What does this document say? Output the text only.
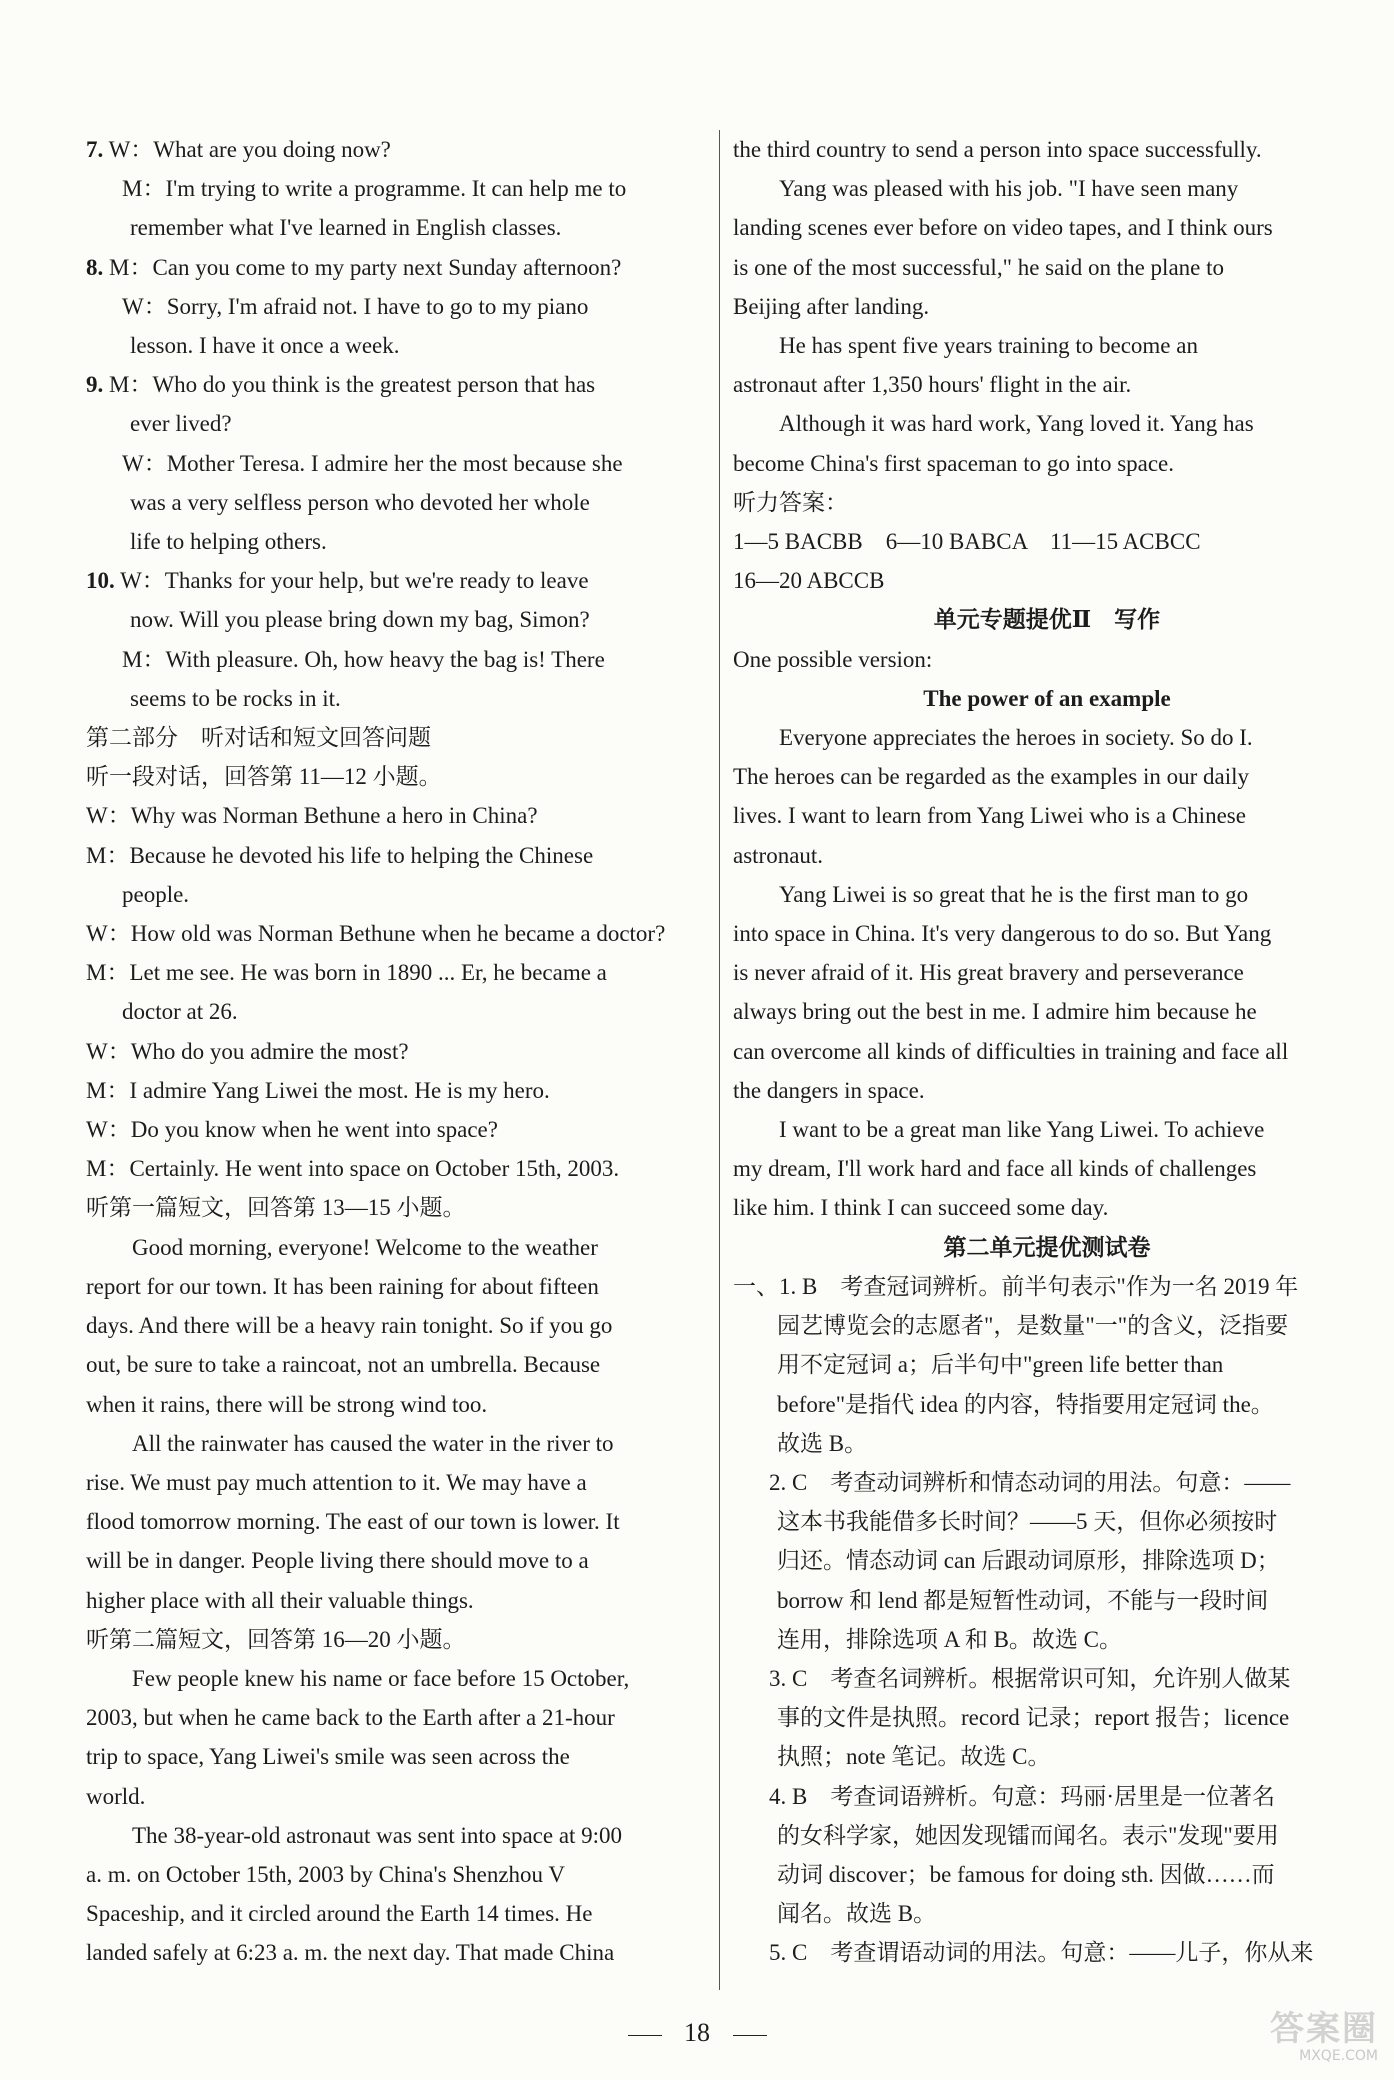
7. W：What are you doing now?
M：I'm trying to write a programme. It can help me to
remember what I've learned in English classes.
8. M：Can you come to my party next Sunday afternoon?
W：Sorry, I'm afraid not. I have to go to my piano
lesson. I have it once a week.
9. M：Who do you think is the greatest person that has
ever lived?
W：Mother Teresa. I admire her the most because she
was a very selfless person who devoted her whole
life to helping others.
10. W：Thanks for your help, but we're ready to leave
now. Will you please bring down my bag, Simon?
M：With pleasure. Oh, how heavy the bag is! There
seems to be rocks in it.
第二部分　听对话和短文回答问题
听一段对话，回答第 11—12 小题。
W：Why was Norman Bethune a hero in China?
M：Because he devoted his life to helping the Chinese
people.
W：How old was Norman Bethune when he became a doctor?
M：Let me see. He was born in 1890 ... Er, he became a
doctor at 26.
W：Who do you admire the most?
M：I admire Yang Liwei the most. He is my hero.
W：Do you know when he went into space?
M：Certainly. He went into space on October 15th, 2003.
听第一篇短文，回答第 13—15 小题。
Good morning, everyone! Welcome to the weather
report for our town. It has been raining for about fifteen
days. And there will be a heavy rain tonight. So if you go
out, be sure to take a raincoat, not an umbrella. Because
when it rains, there will be strong wind too.
All the rainwater has caused the water in the river to
rise. We must pay much attention to it. We may have a
flood tomorrow morning. The east of our town is lower. It
will be in danger. People living there should move to a
higher place with all their valuable things.
听第二篇短文，回答第 16—20 小题。
Few people knew his name or face before 15 October,
2003, but when he came back to the Earth after a 21-hour
trip to space, Yang Liwei's smile was seen across the
world.
The 38-year-old astronaut was sent into space at 9:00
a. m. on October 15th, 2003 by China's Shenzhou V
Spaceship, and it circled around the Earth 14 times. He
landed safely at 6:23 a. m. the next day. That made China
the third country to send a person into space successfully.
Yang was pleased with his job. "I have seen many
landing scenes ever before on video tapes, and I think ours
is one of the most successful," he said on the plane to
Beijing after landing.
He has spent five years training to become an
astronaut after 1,350 hours' flight in the air.
Although it was hard work, Yang loved it. Yang has
become China's first spaceman to go into space.
听力答案：
1—5 BACBB　6—10 BABCA　11—15 ACBCC
16—20 ABCCB
单元专题提优Ⅱ　写作
One possible version:
The power of an example
Everyone appreciates the heroes in society. So do I.
The heroes can be regarded as the examples in our daily
lives. I want to learn from Yang Liwei who is a Chinese
astronaut.
Yang Liwei is so great that he is the first man to go
into space in China. It's very dangerous to do so. But Yang
is never afraid of it. His great bravery and perseverance
always bring out the best in me. I admire him because he
can overcome all kinds of difficulties in training and face all
the dangers in space.
I want to be a great man like Yang Liwei. To achieve
my dream, I'll work hard and face all kinds of challenges
like him. I think I can succeed some day.
第二单元提优测试卷
一、1. B　考查冠词辨析。前半句表示"作为一名 2019 年
园艺博览会的志愿者"，是数量"一"的含义，泛指要
用不定冠词 a；后半句中"green life better than
before"是指代 idea 的内容，特指要用定冠词 the。
故选 B。
2. C　考查动词辨析和情态动词的用法。句意：——
这本书我能借多长时间？——5 天，但你必须按时
归还。情态动词 can 后跟动词原形，排除选项 D；
borrow 和 lend 都是短暂性动词，不能与一段时间
连用，排除选项 A 和 B。故选 C。
3. C　考查名词辨析。根据常识可知，允许别人做某
事的文件是执照。record 记录；report 报告；licence
执照；note 笔记。故选 C。
4. B　考查词语辨析。句意：玛丽·居里是一位著名
的女科学家，她因发现镭而闻名。表示"发现"要用
动词 discover；be famous for doing sth. 因做……而
闻名。故选 B。
5. C　考查谓语动词的用法。句意：——儿子，你从来
18	答案圈
MXQE.COM
